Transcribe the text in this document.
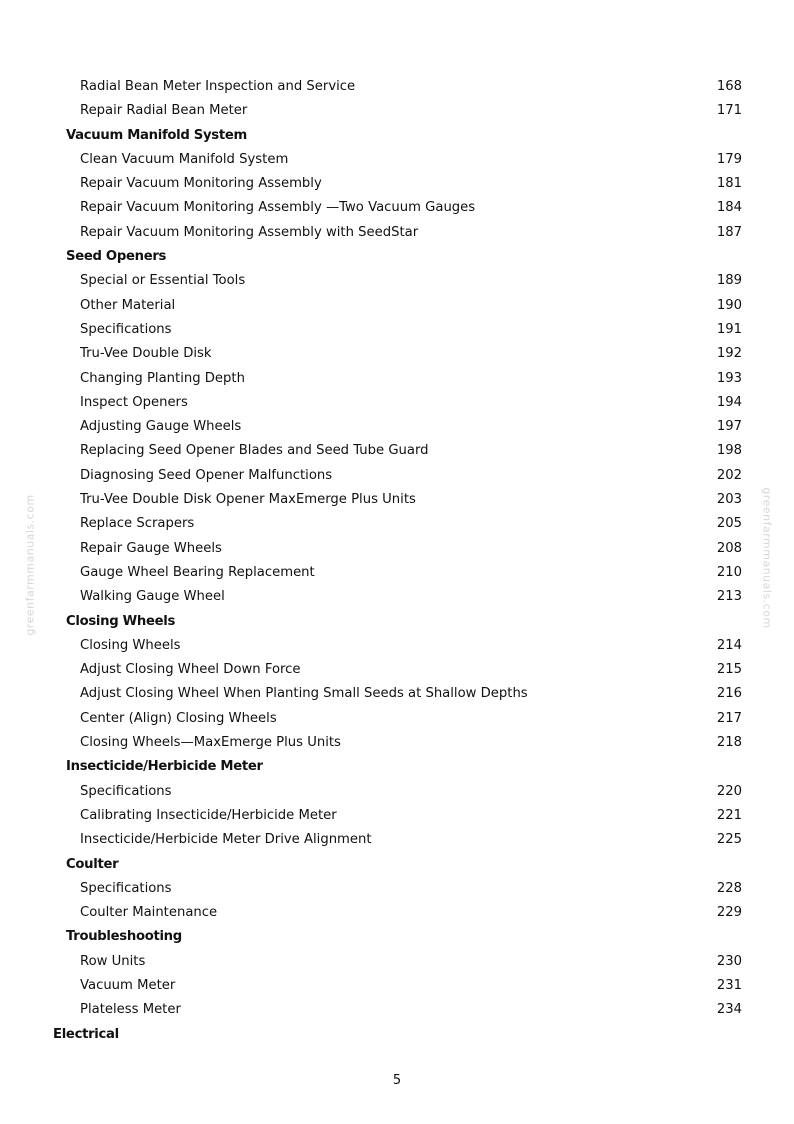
Radial Bean Meter Inspection and Service	168
Repair Radial Bean Meter	171
Vacuum Manifold System
Clean Vacuum Manifold System	179
Repair Vacuum Monitoring Assembly	181
Repair Vacuum Monitoring Assembly —Two Vacuum Gauges	184
Repair Vacuum Monitoring Assembly with SeedStar	187
Seed Openers
Special or Essential Tools	189
Other Material	190
Specifications	191
Tru-Vee Double Disk	192
Changing Planting Depth	193
Inspect Openers	194
Adjusting Gauge Wheels	197
Replacing Seed Opener Blades and Seed Tube Guard	198
Diagnosing Seed Opener Malfunctions	202
Tru-Vee Double Disk Opener MaxEmerge Plus Units	203
Replace Scrapers	205
Repair Gauge Wheels	208
Gauge Wheel Bearing Replacement	210
Walking Gauge Wheel	213
Closing Wheels
Closing Wheels	214
Adjust Closing Wheel Down Force	215
Adjust Closing Wheel When Planting Small Seeds at Shallow Depths	216
Center (Align) Closing Wheels	217
Closing Wheels—MaxEmerge Plus Units	218
Insecticide/Herbicide Meter
Specifications	220
Calibrating Insecticide/Herbicide Meter	221
Insecticide/Herbicide Meter Drive Alignment	225
Coulter
Specifications	228
Coulter Maintenance	229
Troubleshooting
Row Units	230
Vacuum Meter	231
Plateless Meter	234
Electrical
greenfarmmanuals.com	greenfarmmanuals.com
5
